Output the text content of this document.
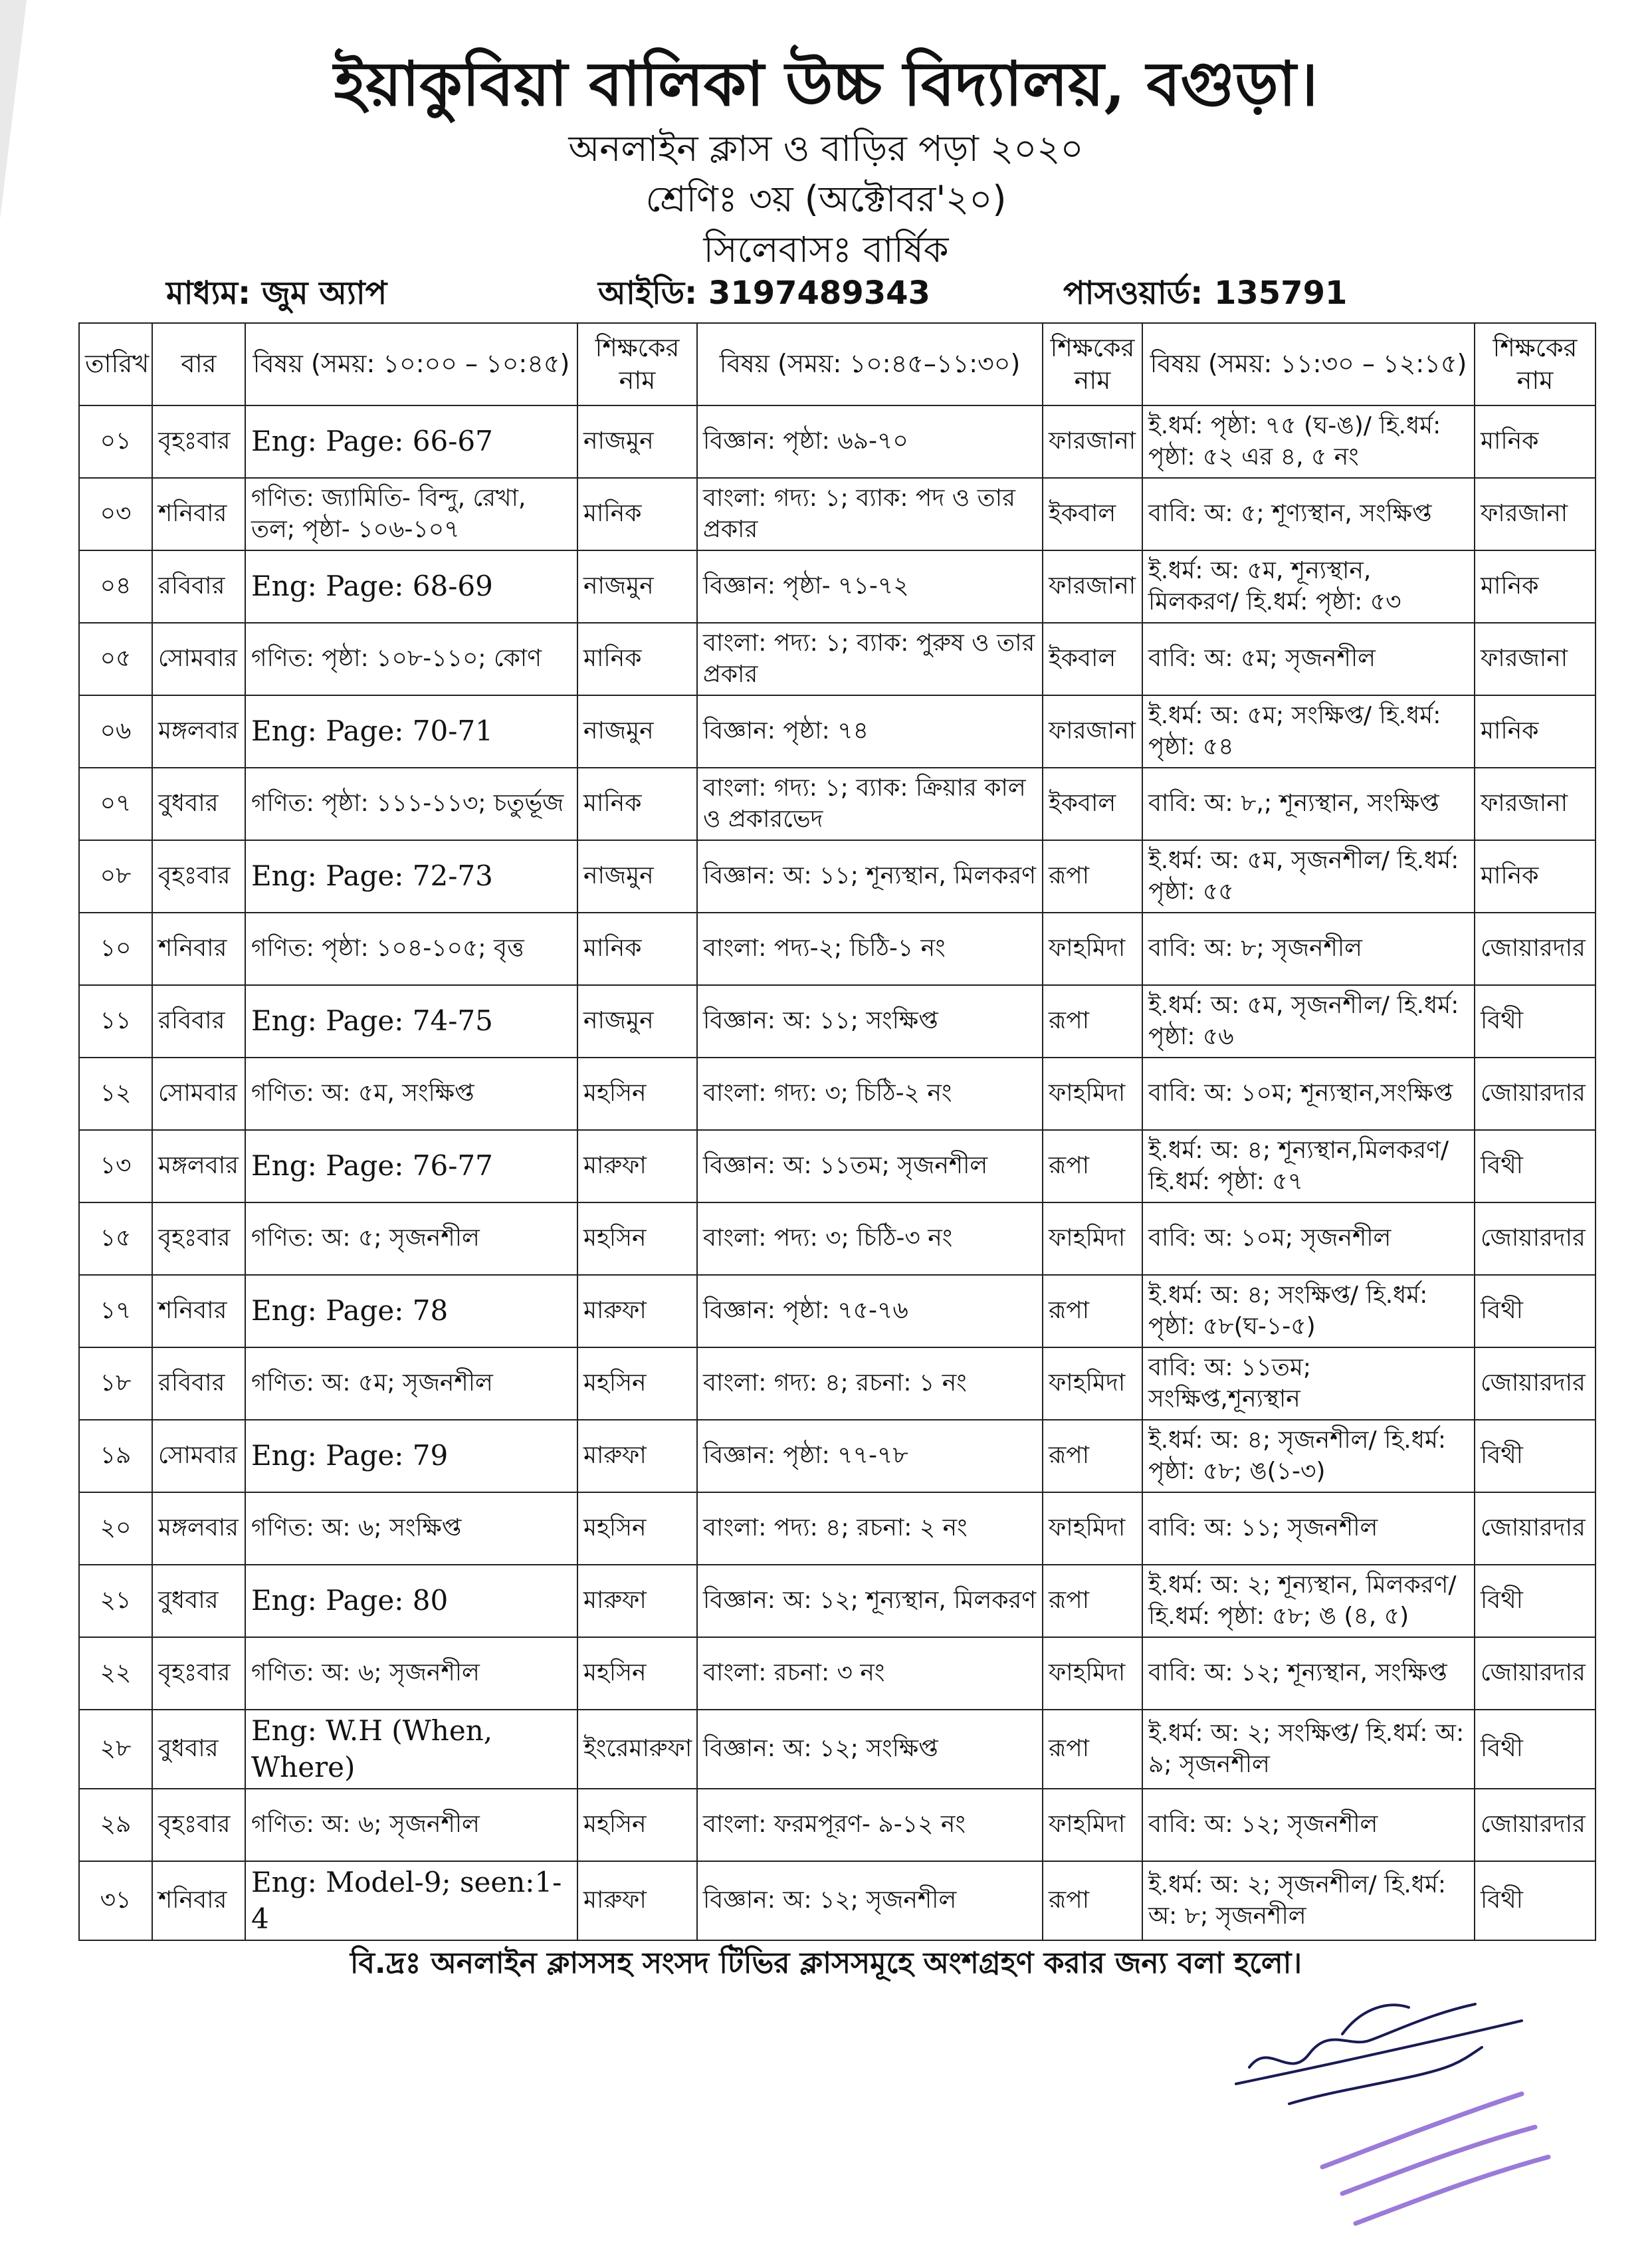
ইয়াকুবিয়া বালিকা উচ্চ বিদ্যালয়, বগুড়া।
অনলাইন ক্লাস ও বাড়ির পড়া ২০২০
শ্রেণিঃ ৩য় (অক্টোবর'২০)
সিলেবাসঃ বার্ষিক
মাধ্যম: জুম অ্যাপ	আইডি: 3197489343	পাসওয়ার্ড: 135791
তারিখ	বার	বিষয় (সময়: ১০:০০ – ১০:৪৫)	শিক্ষকের নাম	বিষয় (সময়: ১০:৪৫–১১:৩০)	শিক্ষকের নাম	বিষয় (সময়: ১১:৩০ – ১২:১৫)	শিক্ষকের নাম
০১	বৃহঃবার	Eng: Page: 66-67	নাজমুন	বিজ্ঞান: পৃষ্ঠা: ৬৯-৭০	ফারজানা	ই.ধর্ম: পৃষ্ঠা: ৭৫ (ঘ-ঙ)/ হি.ধর্ম: পৃষ্ঠা: ৫২ এর ৪, ৫ নং	মানিক
০৩	শনিবার	গণিত: জ্যামিতি- বিন্দু, রেখা, তল; পৃষ্ঠা- ১০৬-১০৭	মানিক	বাংলা: গদ্য: ১; ব্যাক: পদ ও তার প্রকার	ইকবাল	বাবি: অ: ৫; শূণ্যস্থান, সংক্ষিপ্ত	ফারজানা
০৪	রবিবার	Eng: Page: 68-69	নাজমুন	বিজ্ঞান: পৃষ্ঠা- ৭১-৭২	ফারজানা	ই.ধর্ম: অ: ৫ম, শূন্যস্থান, মিলকরণ/ হি.ধর্ম: পৃষ্ঠা: ৫৩	মানিক
০৫	সোমবার	গণিত: পৃষ্ঠা: ১০৮-১১০; কোণ	মানিক	বাংলা: পদ্য: ১; ব্যাক: পুরুষ ও তার প্রকার	ইকবাল	বাবি: অ: ৫ম; সৃজনশীল	ফারজানা
০৬	মঙ্গলবার	Eng: Page: 70-71	নাজমুন	বিজ্ঞান: পৃষ্ঠা: ৭৪	ফারজানা	ই.ধর্ম: অ: ৫ম; সংক্ষিপ্ত/ হি.ধর্ম: পৃষ্ঠা: ৫৪	মানিক
০৭	বুধবার	গণিত: পৃষ্ঠা: ১১১-১১৩; চতুর্ভূজ	মানিক	বাংলা: গদ্য: ১; ব্যাক: ক্রিয়ার কাল ও প্রকারভেদ	ইকবাল	বাবি: অ: ৮,; শূন্যস্থান, সংক্ষিপ্ত	ফারজানা
০৮	বৃহঃবার	Eng: Page: 72-73	নাজমুন	বিজ্ঞান: অ: ১১; শূন্যস্থান, মিলকরণ	রূপা	ই.ধর্ম: অ: ৫ম, সৃজনশীল/ হি.ধর্ম: পৃষ্ঠা: ৫৫	মানিক
১০	শনিবার	গণিত: পৃষ্ঠা: ১০৪-১০৫; বৃত্ত	মানিক	বাংলা: পদ্য-২; চিঠি-১ নং	ফাহমিদা	বাবি: অ: ৮; সৃজনশীল	জোয়ারদার
১১	রবিবার	Eng: Page: 74-75	নাজমুন	বিজ্ঞান: অ: ১১; সংক্ষিপ্ত	রূপা	ই.ধর্ম: অ: ৫ম, সৃজনশীল/ হি.ধর্ম: পৃষ্ঠা: ৫৬	বিথী
১২	সোমবার	গণিত: অ: ৫ম, সংক্ষিপ্ত	মহসিন	বাংলা: গদ্য: ৩; চিঠি-২ নং	ফাহমিদা	বাবি: অ: ১০ম; শূন্যস্থান,সংক্ষিপ্ত	জোয়ারদার
১৩	মঙ্গলবার	Eng: Page: 76-77	মারুফা	বিজ্ঞান: অ: ১১তম; সৃজনশীল	রূপা	ই.ধর্ম: অ: ৪; শূন্যস্থান,মিলকরণ/ হি.ধর্ম: পৃষ্ঠা: ৫৭	বিথী
১৫	বৃহঃবার	গণিত: অ: ৫; সৃজনশীল	মহসিন	বাংলা: পদ্য: ৩; চিঠি-৩ নং	ফাহমিদা	বাবি: অ: ১০ম; সৃজনশীল	জোয়ারদার
১৭	শনিবার	Eng: Page: 78	মারুফা	বিজ্ঞান: পৃষ্ঠা: ৭৫-৭৬	রূপা	ই.ধর্ম: অ: ৪; সংক্ষিপ্ত/ হি.ধর্ম: পৃষ্ঠা: ৫৮(ঘ-১-৫)	বিথী
১৮	রবিবার	গণিত: অ: ৫ম; সৃজনশীল	মহসিন	বাংলা: গদ্য: ৪; রচনা: ১ নং	ফাহমিদা	বাবি: অ: ১১তম; সংক্ষিপ্ত,শূন্যস্থান	জোয়ারদার
১৯	সোমবার	Eng: Page: 79	মারুফা	বিজ্ঞান: পৃষ্ঠা: ৭৭-৭৮	রূপা	ই.ধর্ম: অ: ৪; সৃজনশীল/ হি.ধর্ম: পৃষ্ঠা: ৫৮; ঙ(১-৩)	বিথী
২০	মঙ্গলবার	গণিত: অ: ৬; সংক্ষিপ্ত	মহসিন	বাংলা: পদ্য: ৪; রচনা: ২ নং	ফাহমিদা	বাবি: অ: ১১; সৃজনশীল	জোয়ারদার
২১	বুধবার	Eng: Page: 80	মারুফা	বিজ্ঞান: অ: ১২; শূন্যস্থান, মিলকরণ	রূপা	ই.ধর্ম: অ: ২; শূন্যস্থান, মিলকরণ/ হি.ধর্ম: পৃষ্ঠা: ৫৮; ঙ (৪, ৫)	বিথী
২২	বৃহঃবার	গণিত: অ: ৬; সৃজনশীল	মহসিন	বাংলা: রচনা: ৩ নং	ফাহমিদা	বাবি: অ: ১২; শূন্যস্থান, সংক্ষিপ্ত	জোয়ারদার
২৮	বুধবার	Eng: W.H (When, Where)	ইংরেমারুফা	বিজ্ঞান: অ: ১২; সংক্ষিপ্ত	রূপা	ই.ধর্ম: অ: ২; সংক্ষিপ্ত/ হি.ধর্ম: অ: ৯; সৃজনশীল	বিথী
২৯	বৃহঃবার	গণিত: অ: ৬; সৃজনশীল	মহসিন	বাংলা: ফরমপূরণ- ৯-১২ নং	ফাহমিদা	বাবি: অ: ১২; সৃজনশীল	জোয়ারদার
৩১	শনিবার	Eng: Model-9; seen:1-4	মারুফা	বিজ্ঞান: অ: ১২; সৃজনশীল	রূপা	ই.ধর্ম: অ: ২; সৃজনশীল/ হি.ধর্ম: অ: ৮; সৃজনশীল	বিথী
বি.দ্রঃ অনলাইন ক্লাসসহ সংসদ টিভির ক্লাসসমূহে অংশগ্রহণ করার জন্য বলা হলো।
